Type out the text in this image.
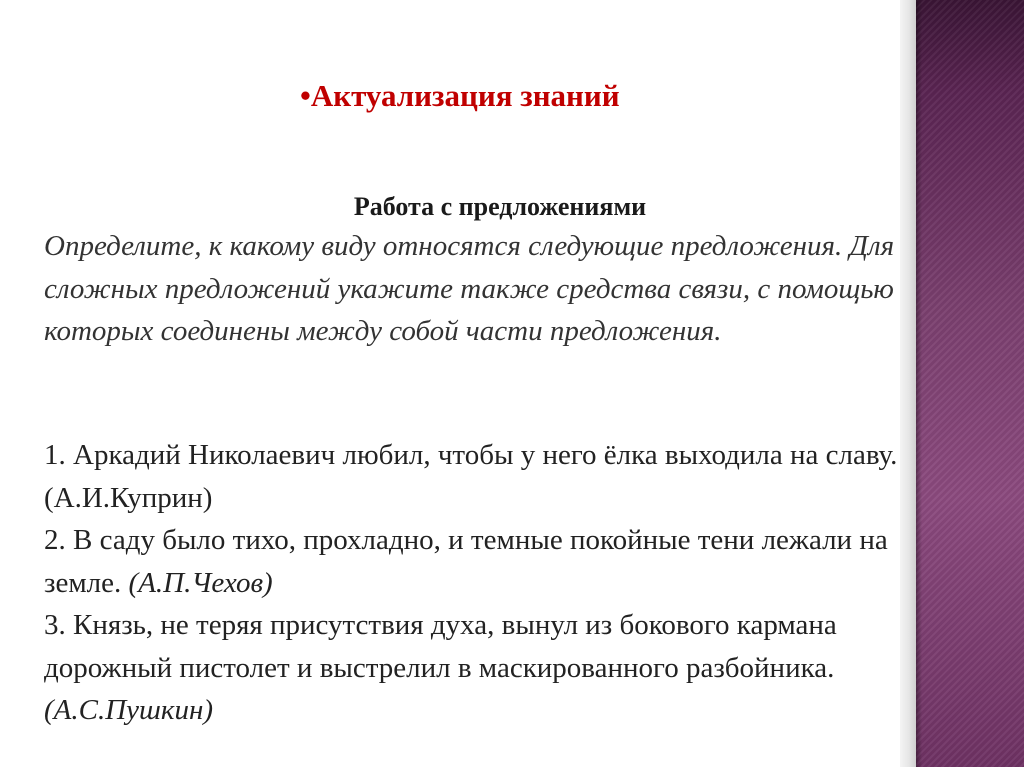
•Актуализация знаний
Работа с предложениями

Определите, к какому виду относятся следующие предложения. Для сложных предложений укажите также средства связи, с помощью которых соединены между собой части предложения.

1. Аркадий Николаевич любил, чтобы у него ёлка выходила на славу. (А.И.Куприн)
2. В саду было тихо, прохладно, и темные покойные тени лежали на земле. (А.П.Чехов)
3. Князь, не теряя присутствия духа, вынул из бокового кармана дорожный пистолет и выстрелил в маскированного разбойника. (А.С.Пушкин)
